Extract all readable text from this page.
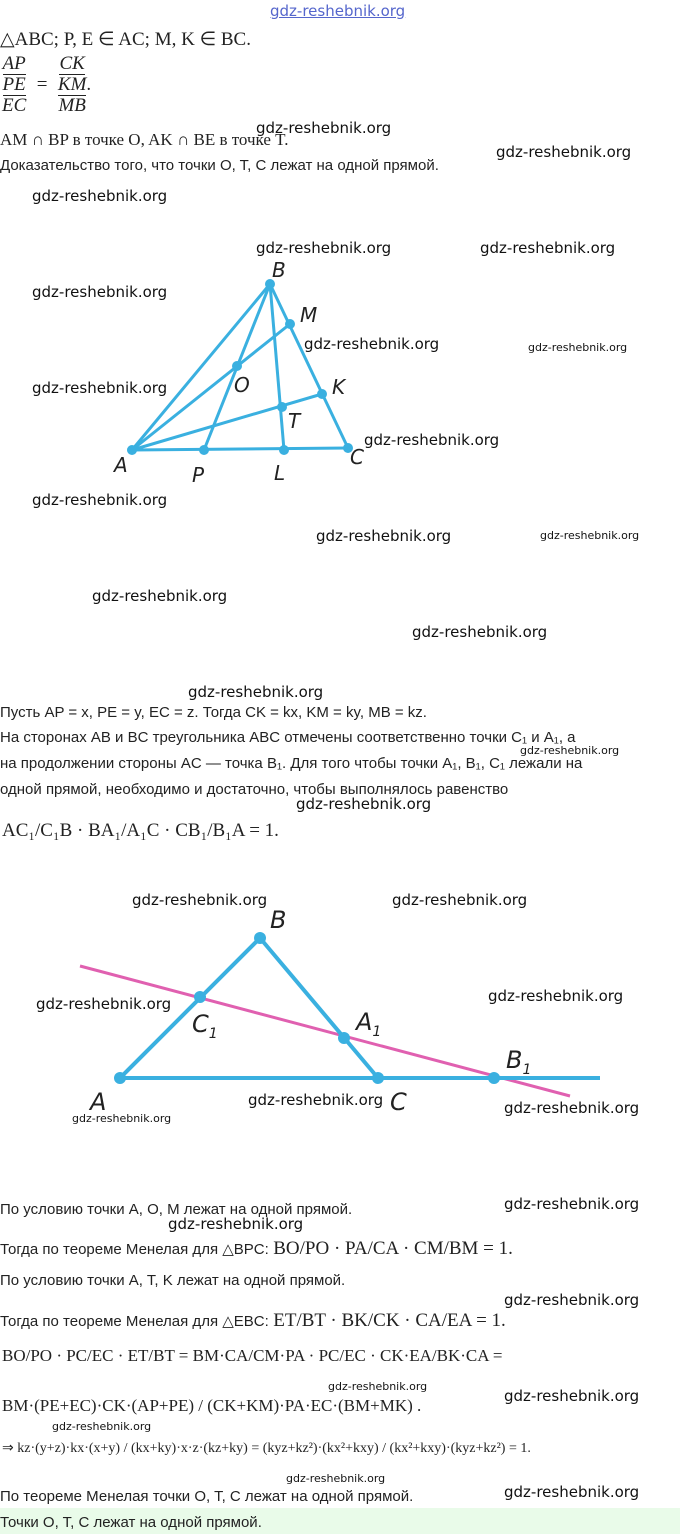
gdz-reshebnik.org
gdz-reshebnik.org
gdz-reshebnik.org
gdz-reshebnik.org
gdz-reshebnik.org	gdz-reshebnik.org
gdz-reshebnik.org
gdz-reshebnik.org	gdz-reshebnik.org
gdz-reshebnik.org
gdz-reshebnik.org
gdz-reshebnik.org
gdz-reshebnik.org	gdz-reshebnik.org
gdz-reshebnik.org
gdz-reshebnik.org
gdz-reshebnik.org
gdz-reshebnik.org
gdz-reshebnik.org
gdz-reshebnik.org	gdz-reshebnik.org
gdz-reshebnik.org	gdz-reshebnik.org
gdz-reshebnik.org	gdz-reshebnik.org
gdz-reshebnik.org
gdz-reshebnik.org
gdz-reshebnik.org
gdz-reshebnik.org
gdz-reshebnik.org
gdz-reshebnik.org
gdz-reshebnik.org
gdz-reshebnik.org
gdz-reshebnik.org
△ABC; P, E ∈ AC; M, K ∈ BC.
$\frac{AP}{PE}$
EC
= $\frac{CK}{KM}$
MB
.
AM ∩ BP в точке O, AK ∩ BE в точке T.
Доказательство того, что точки O, T, C лежат на одной прямой.
B
M
O	K
T
A	P	L
C
Пусть AP = x, PE = y, EC = z. Тогда CK = kx, KM = ky, MB = kz.
На сторонах AB и BC треугольника ABC отмечены соответственно точки C₁ и A₁, а
на продолжении стороны AC — точка B₁. Для того чтобы точки A₁, B₁, C₁ лежали на
одной прямой, необходимо и достаточно, чтобы выполнялось равенство
AC₁/C₁B · BA₁/A₁C · CB₁/B₁A = 1.
B
$C_1$	$A_1$
$B_1$
A	C
По условию точки A, O, M лежат на одной прямой.
Тогда по теореме Менелая для △BPC: BO/PO · PA/CA · CM/BM = 1.
По условию точки A, T, K лежат на одной прямой.
Тогда по теореме Менелая для △EBC: ET/BT · BK/CK · CA/EA = 1.
BO/PO · PC/EC · ET/BT = BM·CA/CM·PA · PC/EC · CK·EA/BK·CA =
BM·(PE+EC)·CK·(AP+PE) / (CK+KM)·PA·EC·(BM+MK) .
⇒ kz·(y+z)·kx·(x+y) / (kx+ky)·x·z·(kz+ky) = (kyz+kz²)·(kx²+kxy) / (kx²+kxy)·(kyz+kz²) = 1.
По теореме Менелая точки O, T, C лежат на одной прямой.
Точки O, T, C лежат на одной прямой.
